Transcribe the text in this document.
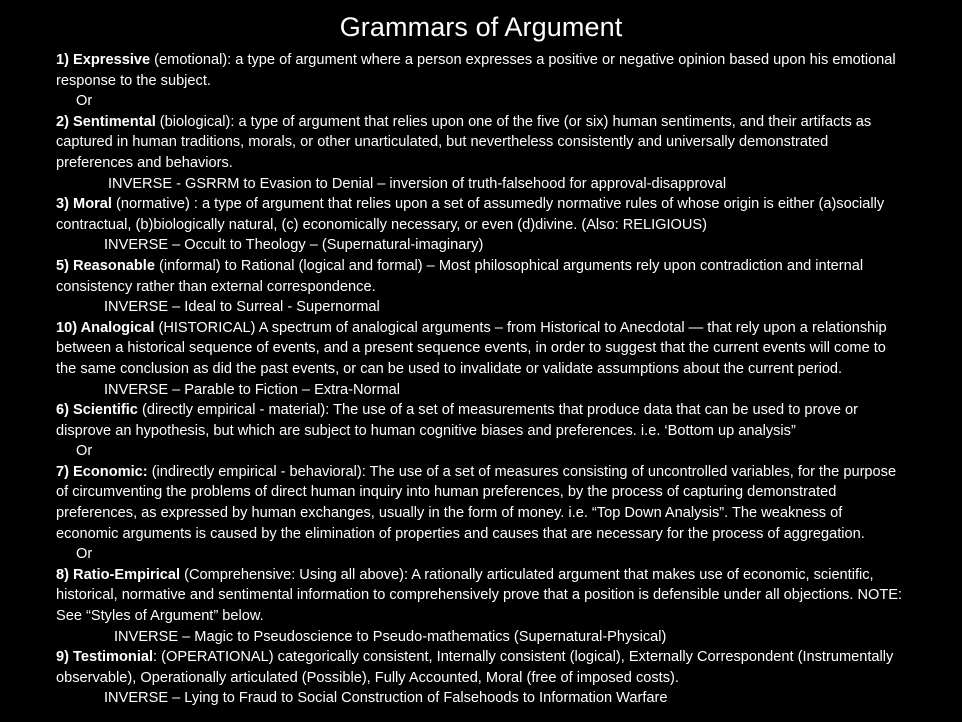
Grammars of Argument
1) Expressive (emotional): a type of argument where a person expresses a positive or negative opinion based upon his emotional response to the subject.
Or
2) Sentimental (biological): a type of argument that relies upon one of the five (or six) human sentiments, and their artifacts as captured in human traditions, morals, or other unarticulated, but nevertheless consistently and universally demonstrated preferences and behaviors.
INVERSE - GSRRM to Evasion to Denial – inversion of truth-falsehood for approval-disapproval
3) Moral (normative) : a type of argument that relies upon a set of assumedly normative rules of whose origin is either (a)socially contractual, (b)biologically natural, (c) economically necessary, or even (d)divine. (Also: RELIGIOUS)
INVERSE – Occult to Theology – (Supernatural-imaginary)
5) Reasonable (informal) to Rational (logical and formal) – Most philosophical arguments rely upon contradiction and internal consistency rather than external correspondence.
INVERSE – Ideal to Surreal - Supernormal
10) Analogical (HISTORICAL) A spectrum of analogical arguments – from Historical to Anecdotal — that rely upon a relationship between a historical sequence of events, and a present sequence events, in order to suggest that the current events will come to the same conclusion as did the past events, or can be used to invalidate or validate assumptions about the current period.
INVERSE – Parable to Fiction – Extra-Normal
6) Scientific (directly empirical - material): The use of a set of measurements that produce data that can be used to prove or disprove an hypothesis, but which are subject to human cognitive biases and preferences. i.e. ‘Bottom up analysis”
Or
7) Economic: (indirectly empirical - behavioral): The use of a set of measures consisting of uncontrolled variables, for the purpose of circumventing the problems of direct human inquiry into human preferences, by the process of capturing demonstrated preferences, as expressed by human exchanges, usually in the form of money. i.e. “Top Down Analysis”. The weakness of economic arguments is caused by the elimination of properties and causes that are necessary for the process of aggregation.
Or
8) Ratio-Empirical (Comprehensive: Using all above): A rationally articulated argument that makes use of economic, scientific, historical, normative and sentimental information to comprehensively prove that a position is defensible under all objections. NOTE: See “Styles of Argument” below.
INVERSE – Magic to Pseudoscience to Pseudo-mathematics (Supernatural-Physical)
9) Testimonial: (OPERATIONAL) categorically consistent, Internally consistent (logical), Externally Correspondent (Instrumentally observable), Operationally articulated (Possible), Fully Accounted, Moral (free of imposed costs).
INVERSE – Lying to Fraud to Social Construction of Falsehoods to Information Warfare
